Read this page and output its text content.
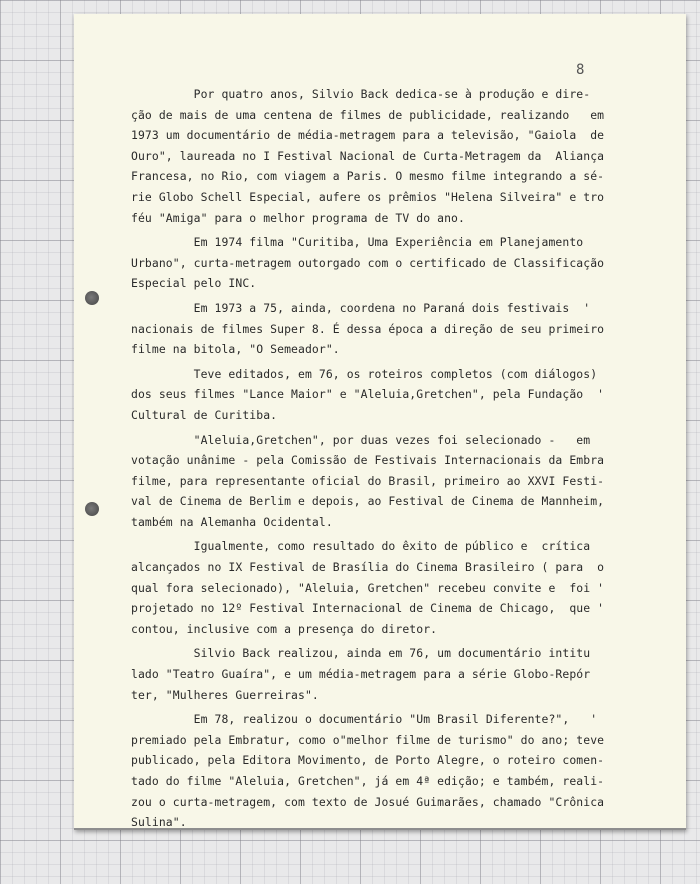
8
Por quatro anos, Silvio Back dedica-se à produção e dire-
ção de mais de uma centena de filmes de publicidade, realizando   em
1973 um documentário de média-metragem para a televisão, "Gaiola  de
Ouro", laureada no I Festival Nacional de Curta-Metragem da  Aliança
Francesa, no Rio, com viagem a Paris. O mesmo filme integrando a sé-
rie Globo Schell Especial, aufere os prêmios "Helena Silveira" e tro
féu "Amiga" para o melhor programa de TV do ano.
Em 1974 filma "Curitiba, Uma Experiência em Planejamento
Urbano", curta-metragem outorgado com o certificado de Classificação
Especial pelo INC.
Em 1973 a 75, ainda, coordena no Paraná dois festivais  '
nacionais de filmes Super 8. É dessa época a direção de seu primeiro
filme na bitola, "O Semeador".
Teve editados, em 76, os roteiros completos (com diálogos)
dos seus filmes "Lance Maior" e "Aleluia,Gretchen", pela Fundação  '
Cultural de Curitiba.
"Aleluia,Gretchen", por duas vezes foi selecionado -   em
votação unânime - pela Comissão de Festivais Internacionais da Embra
filme, para representante oficial do Brasil, primeiro ao XXVI Festi-
val de Cinema de Berlim e depois, ao Festival de Cinema de Mannheim,
também na Alemanha Ocidental.
Igualmente, como resultado do êxito de público e  crítica
alcançados no IX Festival de Brasília do Cinema Brasileiro ( para  o
qual fora selecionado), "Aleluia, Gretchen" recebeu convite e  foi '
projetado no 12º Festival Internacional de Cinema de Chicago,  que '
contou, inclusive com a presença do diretor.
Silvio Back realizou, ainda em 76, um documentário intitu
lado "Teatro Guaíra", e um média-metragem para a série Globo-Repór
ter, "Mulheres Guerreiras".
Em 78, realizou o documentário "Um Brasil Diferente?",   '
premiado pela Embratur, como o"melhor filme de turismo" do ano; teve
publicado, pela Editora Movimento, de Porto Alegre, o roteiro comen-
tado do filme "Aleluia, Gretchen", já em 4ª edição; e também, reali-
zou o curta-metragem, com texto de Josué Guimarães, chamado "Crônica
Sulina".
